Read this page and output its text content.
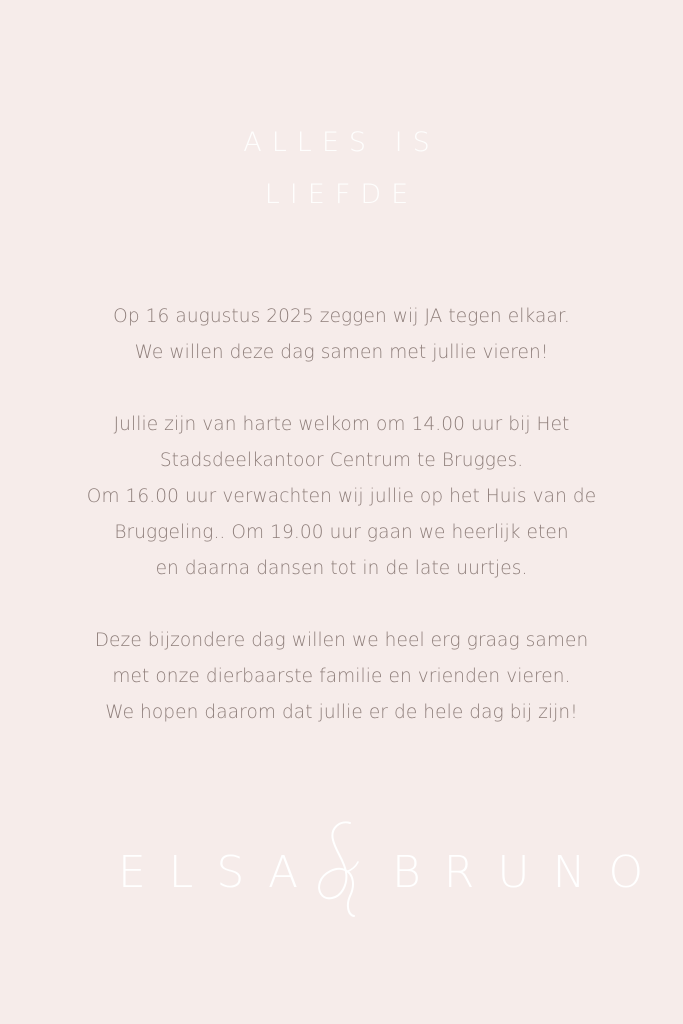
ALLES IS
LIEFDE
Op 16 augustus 2025 zeggen wij JA tegen elkaar.
We willen deze dag samen met jullie vieren!
Jullie zijn van harte welkom om 14.00 uur bij Het
Stadsdeelkantoor Centrum te Brugges.
Om 16.00 uur verwachten wij jullie op het Huis van de
Bruggeling.. Om 19.00 uur gaan we heerlijk eten
en daarna dansen tot in de late uurtjes.
Deze bijzondere dag willen we heel erg graag samen
met onze dierbaarste familie en vrienden vieren.
We hopen daarom dat jullie er de hele dag bij zijn!
ELSA BRUNO
